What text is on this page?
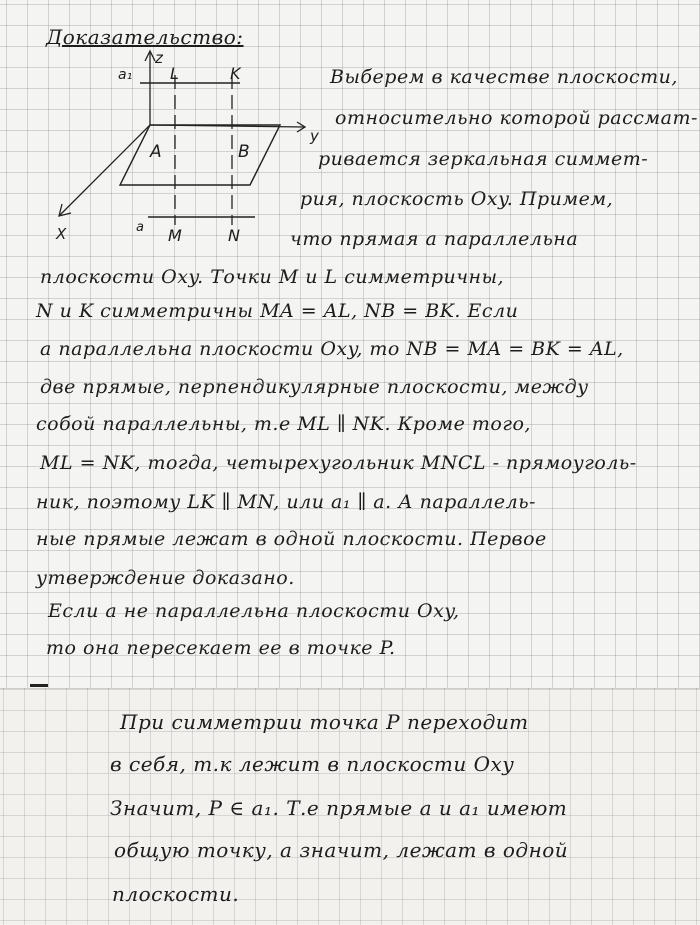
Доказательство:
a₁
z
L	K
A	B
y
X	a M	N
Выберем в качестве плоскости,
относительно которой рассмат-
ривается зеркальная симмет-
рия, плоскость Oxy. Примем,
что прямая a параллельна
плоскости Oxy. Точки M и L симметричны,
N и K симметричны MA = AL, NB = BK. Если
a параллельна плоскости Oxy, то NB = MA = BK = AL,
две прямые, перпендикулярные плоскости, между
собой параллельны, т.е ML ∥ NK. Кроме того,
ML = NK, тогда, четырехугольник MNCL - прямоуголь-
ник, поэтому LK ∥ MN, или a₁ ∥ a. А параллель-
ные прямые лежат в одной плоскости. Первое
утверждение доказано.
Если a не параллельна плоскости Oxy,
то она пересекает ее в точке P.
При симметрии точка P переходит
в себя, т.к лежит в плоскости Oxy
Значит, P ∈ a₁. Т.е прямые a и a₁ имеют
общую точку, а значит, лежат в одной
плоскости.
